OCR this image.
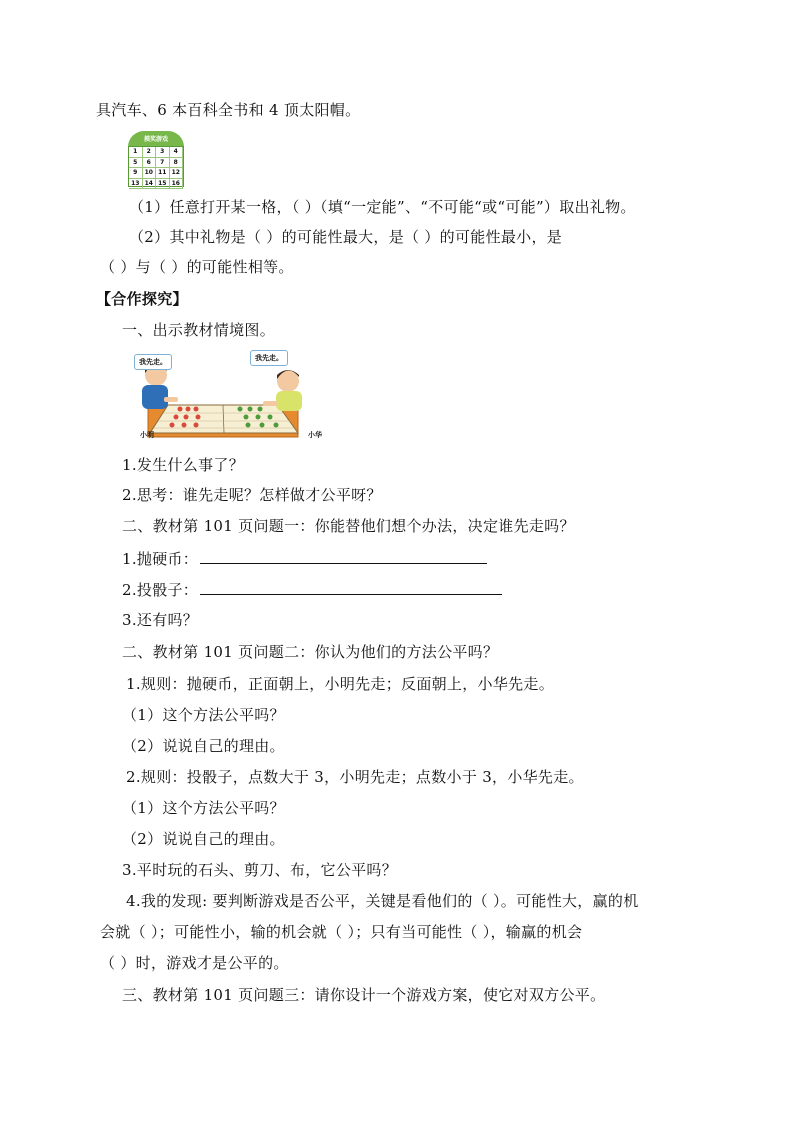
具汽车、6 本百科全书和 4 顶太阳帽。
摸奖游戏
1	2	3	4
5	6	7	8
9	10 11 12
13 14 15 16
（1）任意打开某一格，（ ）（填“一定能”、“不可能“或“可能”）取出礼物。
（2）其中礼物是（ ）的可能性最大，是（ ）的可能性最小，是
（ ）与（ ）的可能性相等。
【合作探究】
一、出示教材情境图。
我先走。	我先走。
小明	小华
1.发生什么事了？
2.思考：谁先走呢？怎样做才公平呀？
二、教材第 101 页问题一：你能替他们想个办法，决定谁先走吗？
1.抛硬币：
2.投骰子：
3.还有吗？
二、教材第 101 页问题二：你认为他们的方法公平吗？
1.规则：抛硬币，正面朝上，小明先走；反面朝上，小华先走。
（1）这个方法公平吗？
（2）说说自己的理由。
2.规则：投骰子，点数大于 3，小明先走；点数小于 3，小华先走。
（1）这个方法公平吗？
（2）说说自己的理由。
3.平时玩的石头、剪刀、布，它公平吗？
4.我的发现: 要判断游戏是否公平，关键是看他们的（ ）。可能性大，赢的机
会就（ ）；可能性小，输的机会就（ ）；只有当可能性（ ），输赢的机会
（ ）时，游戏才是公平的。
三、教材第 101 页问题三：请你设计一个游戏方案，使它对双方公平。
